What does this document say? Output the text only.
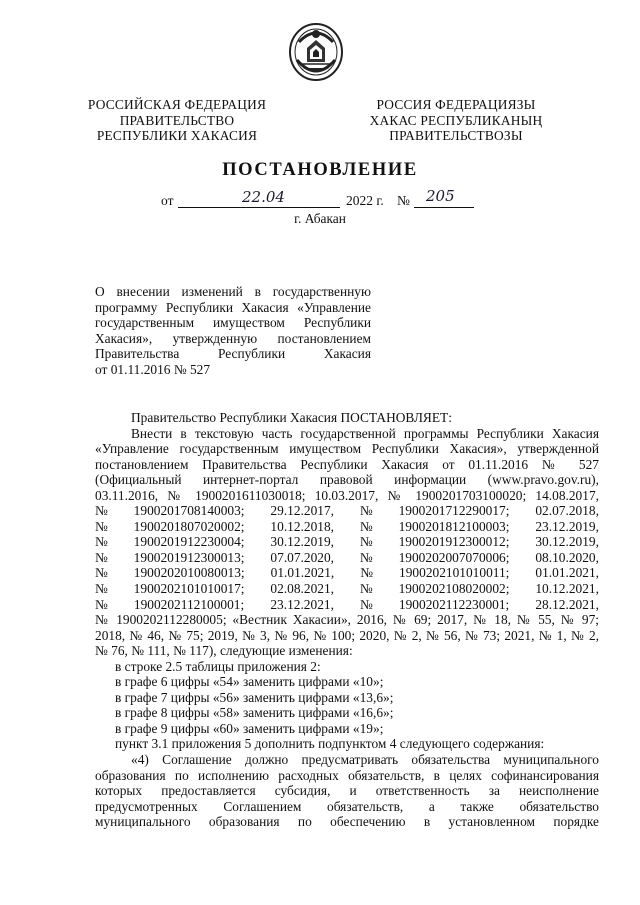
РОССИЙСКАЯ ФЕДЕРАЦИЯ
ПРАВИТЕЛЬСТВО
РЕСПУБЛИКИ ХАКАСИЯ
РОССИЯ ФЕДЕРАЦИЯЗЫ
ХАКАС РЕСПУБЛИКАНЫҢ
ПРАВИТЕЛЬСТВОЗЫ
ПОСТАНОВЛЕНИЕ
от	22.04	2022 г. № 205
г. Абакан
О внесении изменений в государственную
программу Республики Хакасия «Управление
государственным имуществом Республики
Хакасия», утвержденную постановлением
Правительства Республики Хакасия
от 01.11.2016 № 527

Правительство Республики Хакасия ПОСТАНОВЛЯЕТ:

Внести в текстовую часть государственной программы Республики Хакасия

«Управление государственным имуществом Республики Хакасия», утвержденной

постановлением Правительства Республики Хакасия от 01.11.2016 № 527

(Официальный интернет-портал правовой информации (www.pravo.gov.ru),

03.11.2016, № 1900201611030018; 10.03.2017, № 1900201703100020; 14.08.2017,

№ 1900201708140003; 29.12.2017, № 1900201712290017; 02.07.2018,
№ 1900201807020002; 10.12.2018, № 1900201812100003; 23.12.2019,
№ 1900201912230004; 30.12.2019, № 1900201912300012; 30.12.2019,
№ 1900201912300013; 07.07.2020, № 1900202007070006; 08.10.2020,
№ 1900202010080013; 01.01.2021, № 1900202101010011; 01.01.2021,
№ 1900202101010017; 02.08.2021, № 1900202108020002; 10.12.2021,
№ 1900202112100001; 23.12.2021, № 1900202112230001; 28.12.2021,

№ 1900202112280005; «Вестник Хакасии», 2016, № 69; 2017, № 18, № 55, № 97;

2018, № 46, № 75; 2019, № 3, № 96, № 100; 2020, № 2, № 56, № 73; 2021, № 1, № 2,

№ 76, № 111, № 117), следующие изменения:

в строке 2.5 таблицы приложения 2:

в графе 6 цифры «54» заменить цифрами «10»;

в графе 7 цифры «56» заменить цифрами «13,6»;

в графе 8 цифры «58» заменить цифрами «16,6»;

в графе 9 цифры «60» заменить цифрами «19»;

пункт 3.1 приложения 5 дополнить подпунктом 4 следующего содержания:

«4) Соглашение должно предусматривать обязательства муниципального

образования по исполнению расходных обязательств, в целях софинансирования

которых предоставляется субсидия, и ответственность за неисполнение

предусмотренных Соглашением обязательств, а также обязательство

муниципального образования по обеспечению в установленном порядке
